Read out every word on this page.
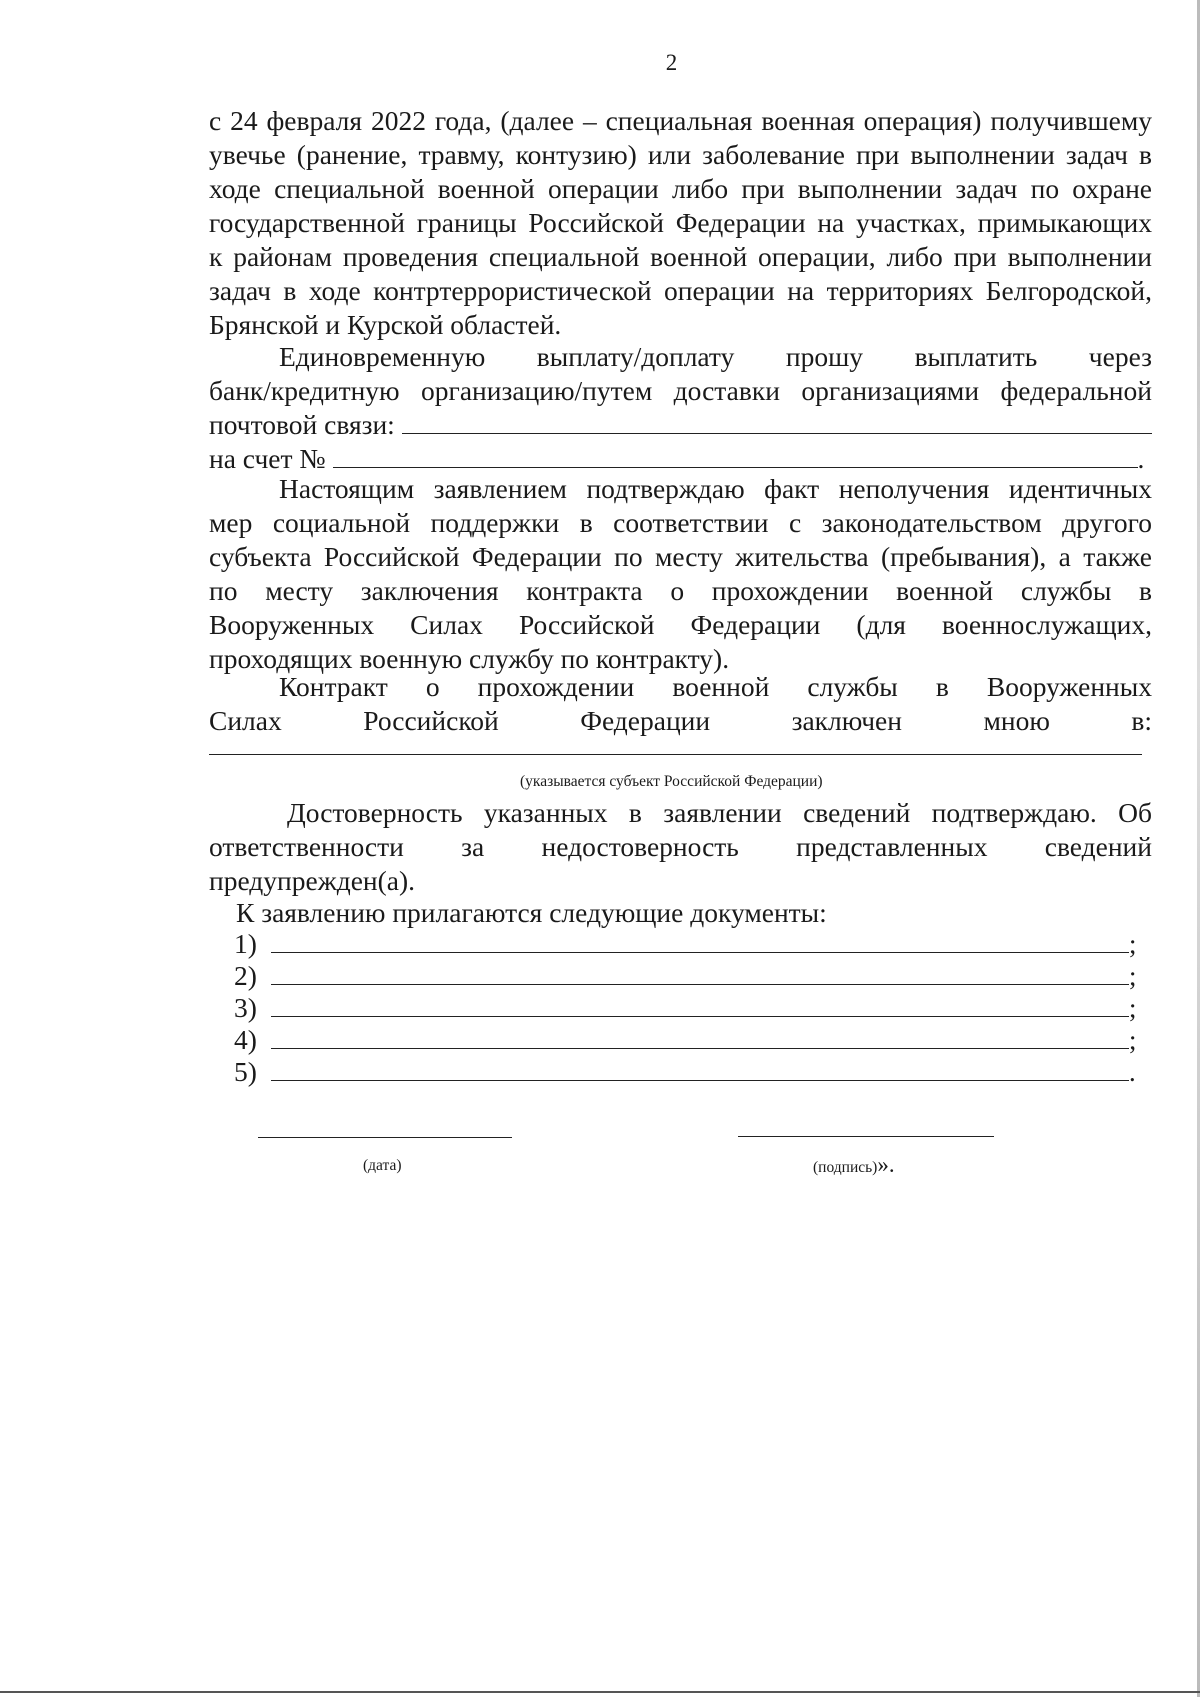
2
с 24 февраля 2022 года, (далее – специальная военная операция) получившему
увечье (ранение, травму, контузию) или заболевание при выполнении задач в
ходе специальной военной операции либо при выполнении задач по охране
государственной границы Российской Федерации на участках, примыкающих
к районам проведения специальной военной операции, либо при выполнении
задач в ходе контртеррористической операции на территориях Белгородской,
Брянской и Курской областей.
Единовременную выплату/доплату прошу выплатить через
банк/кредитную организацию/путем доставки организациями федеральной
почтовой связи:
на счет №	.
Настоящим заявлением подтверждаю факт неполучения идентичных
мер социальной поддержки в соответствии с законодательством другого
субъекта Российской Федерации по месту жительства (пребывания), а также
по месту заключения контракта о прохождении военной службы в
Вооруженных Силах Российской Федерации (для военнослужащих,
проходящих военную службу по контракту).
Контракт о прохождении военной службы в Вооруженных
Силах Российской Федерации заключен мною в:
(указывается субъект Российской Федерации)
Достоверность указанных в заявлении сведений подтверждаю. Об
ответственности за недостоверность представленных сведений
предупрежден(а).
К заявлению прилагаются следующие документы:
1)	;
2)	;
3)	;
4)	;
5)	.
(дата)	(подпись)».
